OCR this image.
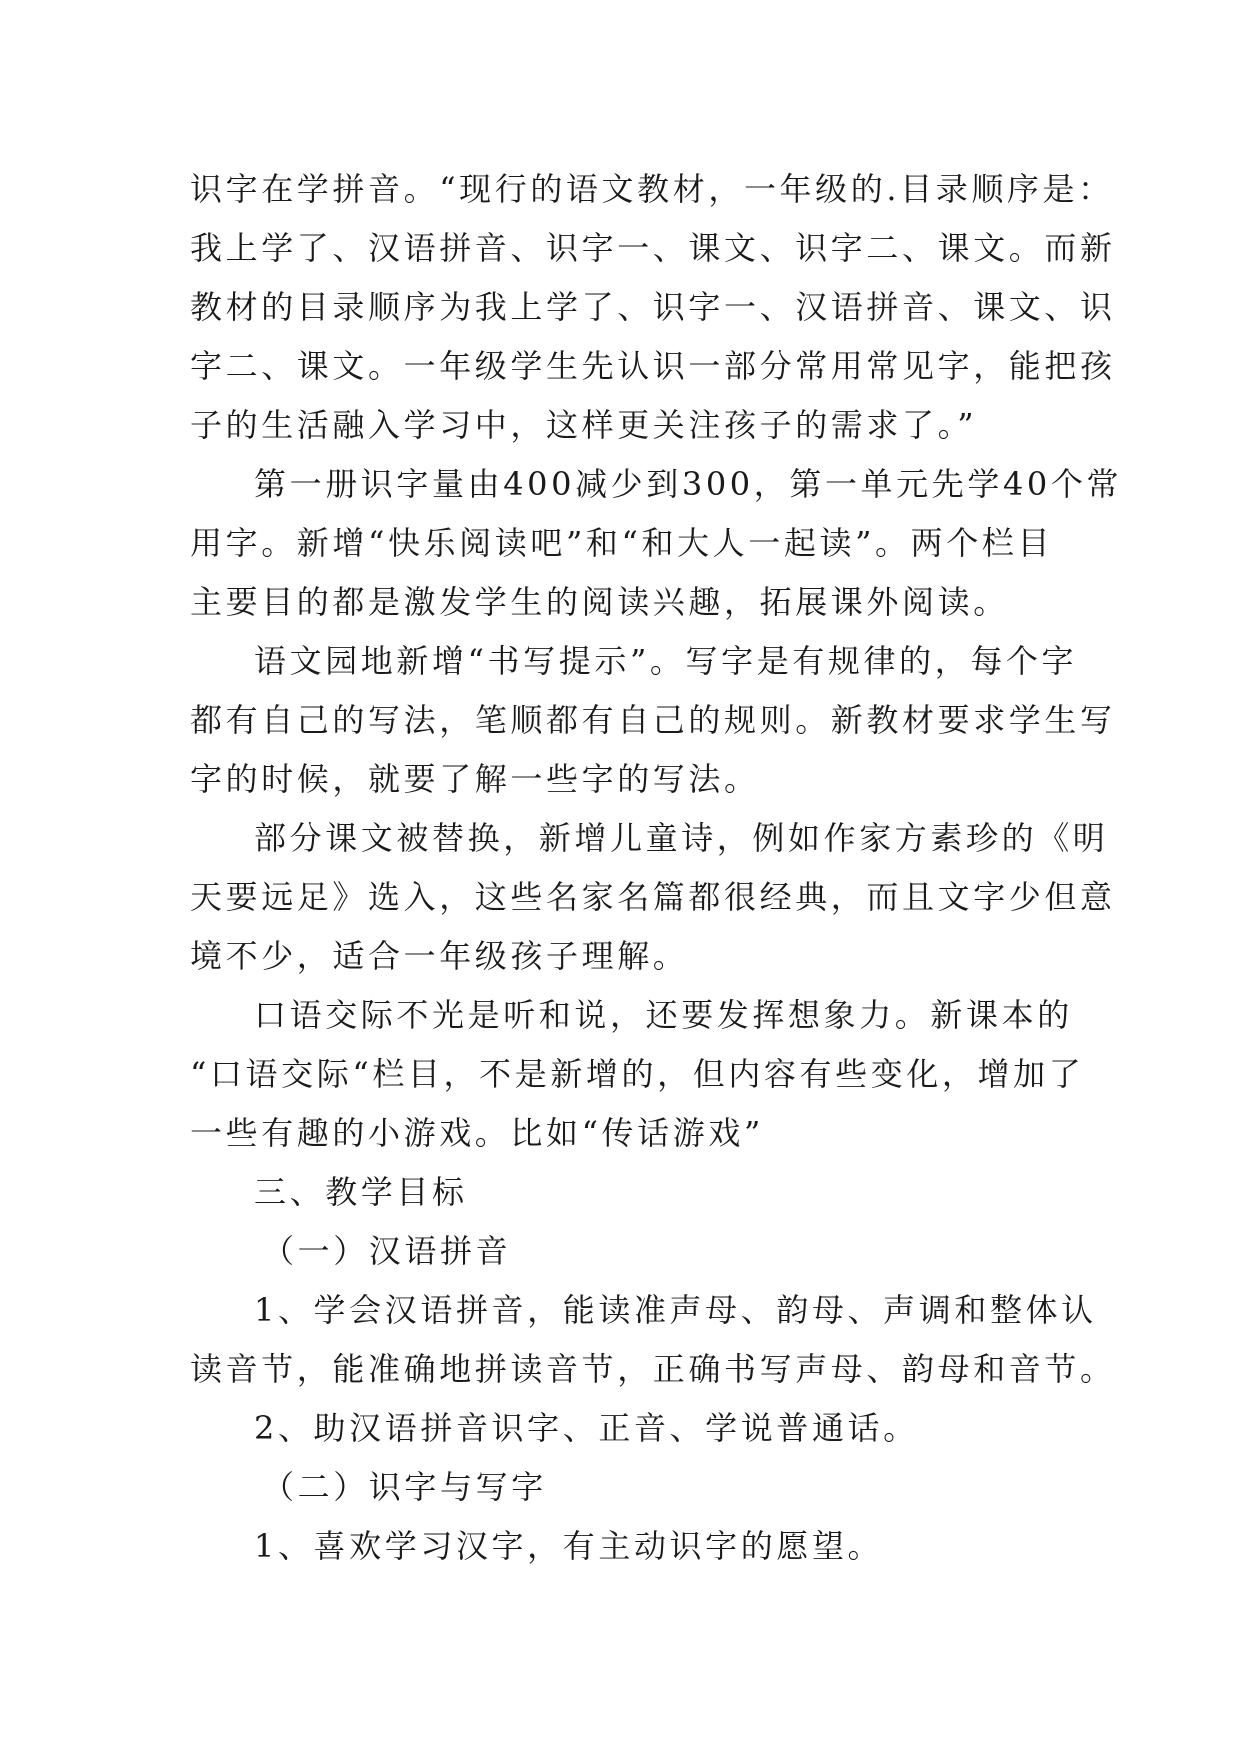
识字在学拼音。“现行的语文教材，一年级的.目录顺序是：
我上学了、汉语拼音、识字一、课文、识字二、课文。而新
教材的目录顺序为我上学了、识字一、汉语拼音、课文、识
字二、课文。一年级学生先认识一部分常用常见字，能把孩
子的生活融入学习中，这样更关注孩子的需求了。”
第一册识字量由400减少到300，第一单元先学40个常
用字。新增“快乐阅读吧”和“和大人一起读”。两个栏目
主要目的都是激发学生的阅读兴趣，拓展课外阅读。
语文园地新增“书写提示”。写字是有规律的，每个字
都有自己的写法，笔顺都有自己的规则。新教材要求学生写
字的时候，就要了解一些字的写法。
部分课文被替换，新增儿童诗，例如作家方素珍的《明
天要远足》选入，这些名家名篇都很经典，而且文字少但意
境不少，适合一年级孩子理解。
口语交际不光是听和说，还要发挥想象力。新课本的
“口语交际“栏目，不是新增的，但内容有些变化，增加了
一些有趣的小游戏。比如“传话游戏”
三、教学目标
（一）汉语拼音
1、学会汉语拼音，能读准声母、韵母、声调和整体认
读音节，能准确地拼读音节，正确书写声母、韵母和音节。
2、助汉语拼音识字、正音、学说普通话。
（二）识字与写字
1、喜欢学习汉字，有主动识字的愿望。
